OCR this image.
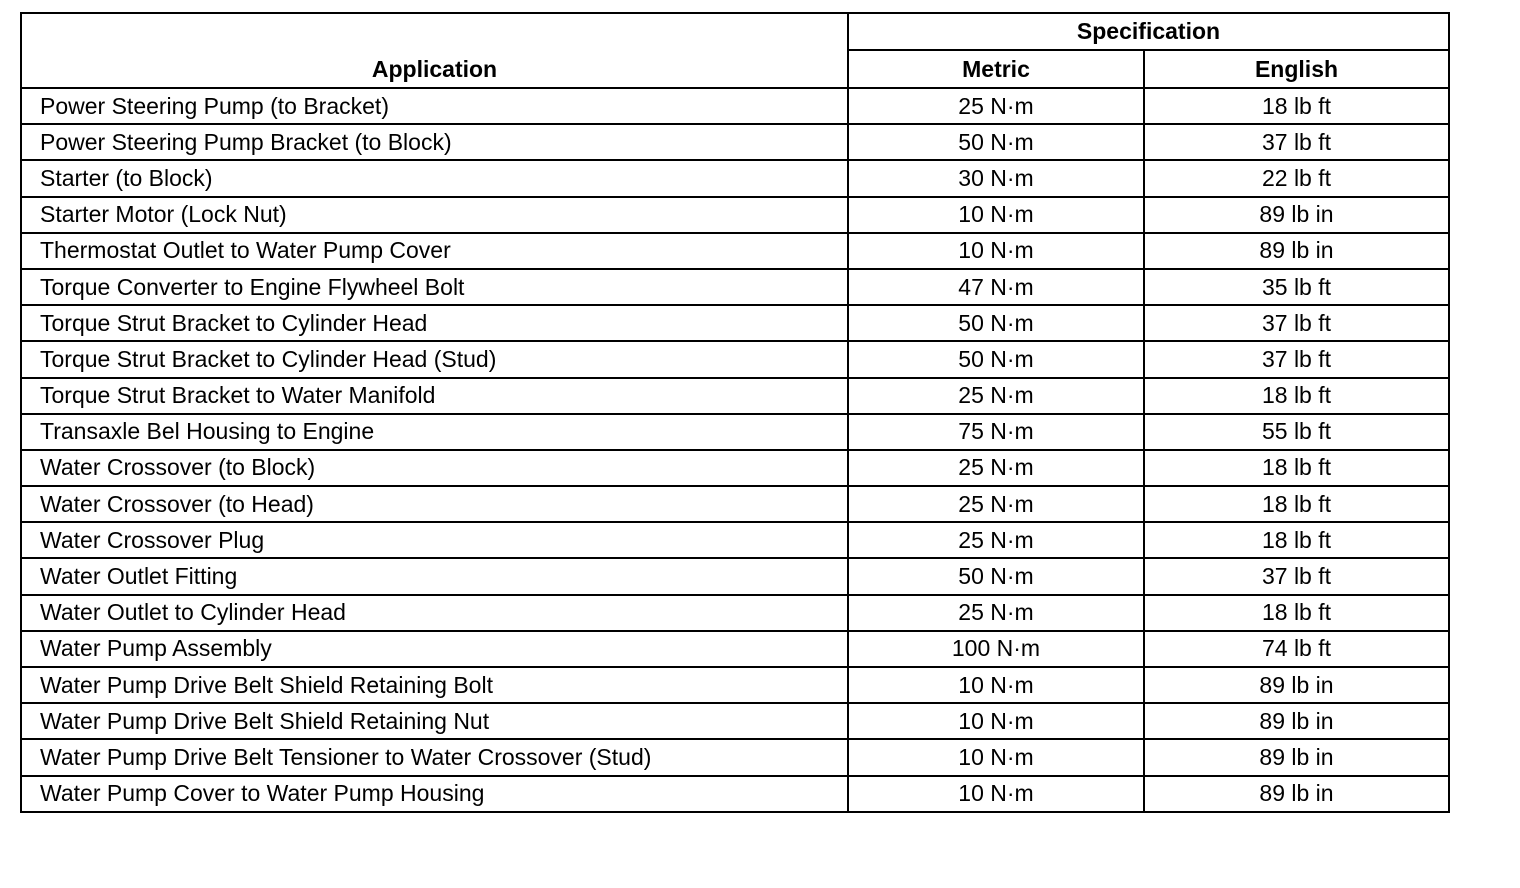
Application	Specification	
	Metric	English
Power Steering Pump (to Bracket)	25 N·m	18 lb ft
Power Steering Pump Bracket (to Block)	50 N·m	37 lb ft
Starter (to Block)	30 N·m	22 lb ft
Starter Motor (Lock Nut)	10 N·m	89 lb in
Thermostat Outlet to Water Pump Cover	10 N·m	89 lb in
Torque Converter to Engine Flywheel Bolt	47 N·m	35 lb ft
Torque Strut Bracket to Cylinder Head	50 N·m	37 lb ft
Torque Strut Bracket to Cylinder Head (Stud)	50 N·m	37 lb ft
Torque Strut Bracket to Water Manifold	25 N·m	18 lb ft
Transaxle Bel Housing to Engine	75 N·m	55 lb ft
Water Crossover (to Block)	25 N·m	18 lb ft
Water Crossover (to Head)	25 N·m	18 lb ft
Water Crossover Plug	25 N·m	18 lb ft
Water Outlet Fitting	50 N·m	37 lb ft
Water Outlet to Cylinder Head	25 N·m	18 lb ft
Water Pump Assembly	100 N·m	74 lb ft
Water Pump Drive Belt Shield Retaining Bolt	10 N·m	89 lb in
Water Pump Drive Belt Shield Retaining Nut	10 N·m	89 lb in
Water Pump Drive Belt Tensioner to Water Crossover (Stud)	10 N·m	89 lb in
Water Pump Cover to Water Pump Housing	10 N·m	89 lb in
